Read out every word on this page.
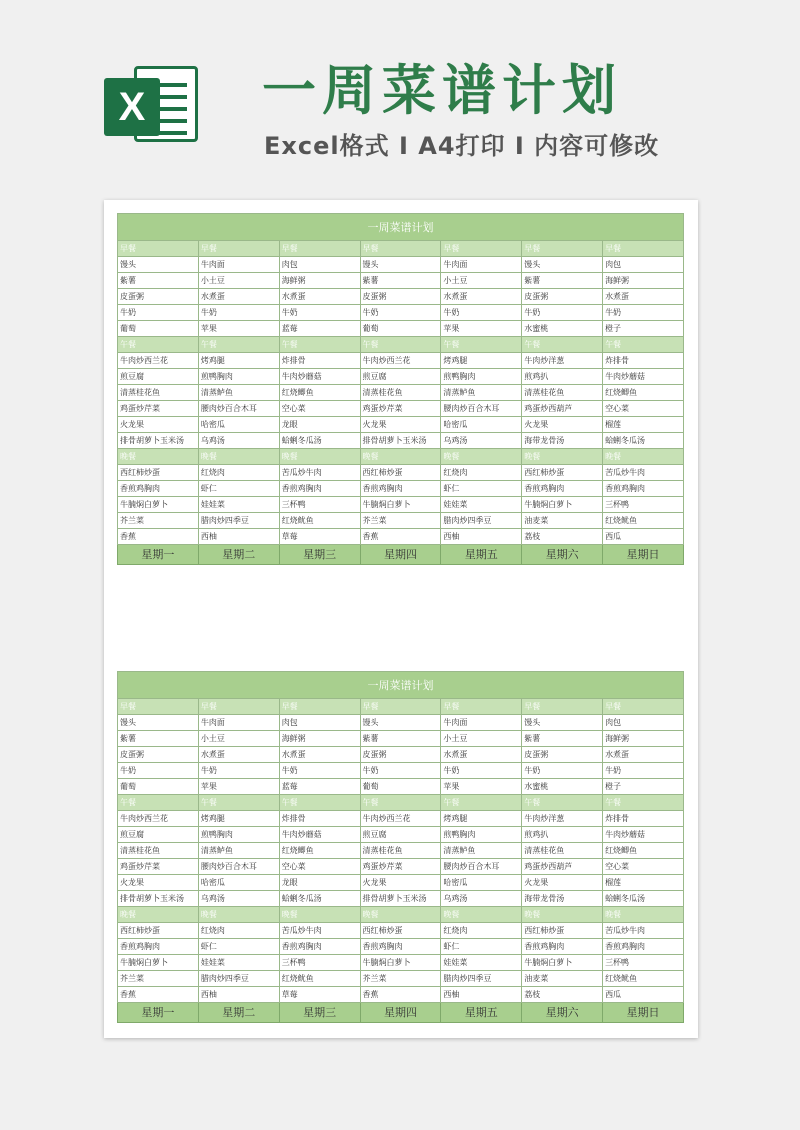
X 一周菜谱计划
Excel格式 I A4打印 I 内容可修改
一周菜谱计划						
早餐	早餐	早餐	早餐	早餐	早餐	早餐
馒头	牛肉面	肉包	馒头	牛肉面	馒头	肉包
紫薯	小土豆	海鲜粥	紫薯	小土豆	紫薯	海鲜粥
皮蛋粥	水煮蛋	水煮蛋	皮蛋粥	水煮蛋	皮蛋粥	水煮蛋
牛奶	牛奶	牛奶	牛奶	牛奶	牛奶	牛奶
葡萄	苹果	蓝莓	葡萄	苹果	水蜜桃	橙子
午餐	午餐	午餐	午餐	午餐	午餐	午餐
牛肉炒西兰花	烤鸡腿	炸排骨	牛肉炒西兰花	烤鸡腿	牛肉炒洋葱	炸排骨
煎豆腐	煎鸭胸肉	牛肉炒蘑菇	煎豆腐	煎鸭胸肉	煎鸡扒	牛肉炒蘑菇
清蒸桂花鱼	清蒸鲈鱼	红烧鲫鱼	清蒸桂花鱼	清蒸鲈鱼	清蒸桂花鱼	红烧鲫鱼
鸡蛋炒芹菜	腰肉炒百合木耳	空心菜	鸡蛋炒芹菜	腰肉炒百合木耳	鸡蛋炒西葫芦	空心菜
火龙果	哈密瓜	龙眼	火龙果	哈密瓜	火龙果	榴莲
排骨胡萝卜玉米汤	乌鸡汤	蛤蜊冬瓜汤	排骨胡萝卜玉米汤	乌鸡汤	海带龙骨汤	蛤蜊冬瓜汤
晚餐	晚餐	晚餐	晚餐	晚餐	晚餐	晚餐
西红柿炒蛋	红烧肉	苦瓜炒牛肉	西红柿炒蛋	红烧肉	西红柿炒蛋	苦瓜炒牛肉
香煎鸡胸肉	虾仁	香煎鸡胸肉	香煎鸡胸肉	虾仁	香煎鸡胸肉	香煎鸡胸肉
牛腩焖白萝卜	娃娃菜	三杯鸭	牛腩焖白萝卜	娃娃菜	牛腩焖白萝卜	三杯鸭
芥兰菜	腊肉炒四季豆	红烧鱿鱼	芥兰菜	腊肉炒四季豆	油麦菜	红烧鱿鱼
香蕉	西柚	草莓	香蕉	西柚	荔枝	西瓜
星期一	星期二	星期三	星期四	星期五	星期六	星期日
一周菜谱计划						
早餐	早餐	早餐	早餐	早餐	早餐	早餐
馒头	牛肉面	肉包	馒头	牛肉面	馒头	肉包
紫薯	小土豆	海鲜粥	紫薯	小土豆	紫薯	海鲜粥
皮蛋粥	水煮蛋	水煮蛋	皮蛋粥	水煮蛋	皮蛋粥	水煮蛋
牛奶	牛奶	牛奶	牛奶	牛奶	牛奶	牛奶
葡萄	苹果	蓝莓	葡萄	苹果	水蜜桃	橙子
午餐	午餐	午餐	午餐	午餐	午餐	午餐
牛肉炒西兰花	烤鸡腿	炸排骨	牛肉炒西兰花	烤鸡腿	牛肉炒洋葱	炸排骨
煎豆腐	煎鸭胸肉	牛肉炒蘑菇	煎豆腐	煎鸭胸肉	煎鸡扒	牛肉炒蘑菇
清蒸桂花鱼	清蒸鲈鱼	红烧鲫鱼	清蒸桂花鱼	清蒸鲈鱼	清蒸桂花鱼	红烧鲫鱼
鸡蛋炒芹菜	腰肉炒百合木耳	空心菜	鸡蛋炒芹菜	腰肉炒百合木耳	鸡蛋炒西葫芦	空心菜
火龙果	哈密瓜	龙眼	火龙果	哈密瓜	火龙果	榴莲
排骨胡萝卜玉米汤	乌鸡汤	蛤蜊冬瓜汤	排骨胡萝卜玉米汤	乌鸡汤	海带龙骨汤	蛤蜊冬瓜汤
晚餐	晚餐	晚餐	晚餐	晚餐	晚餐	晚餐
西红柿炒蛋	红烧肉	苦瓜炒牛肉	西红柿炒蛋	红烧肉	西红柿炒蛋	苦瓜炒牛肉
香煎鸡胸肉	虾仁	香煎鸡胸肉	香煎鸡胸肉	虾仁	香煎鸡胸肉	香煎鸡胸肉
牛腩焖白萝卜	娃娃菜	三杯鸭	牛腩焖白萝卜	娃娃菜	牛腩焖白萝卜	三杯鸭
芥兰菜	腊肉炒四季豆	红烧鱿鱼	芥兰菜	腊肉炒四季豆	油麦菜	红烧鱿鱼
香蕉	西柚	草莓	香蕉	西柚	荔枝	西瓜
星期一	星期二	星期三	星期四	星期五	星期六	星期日
